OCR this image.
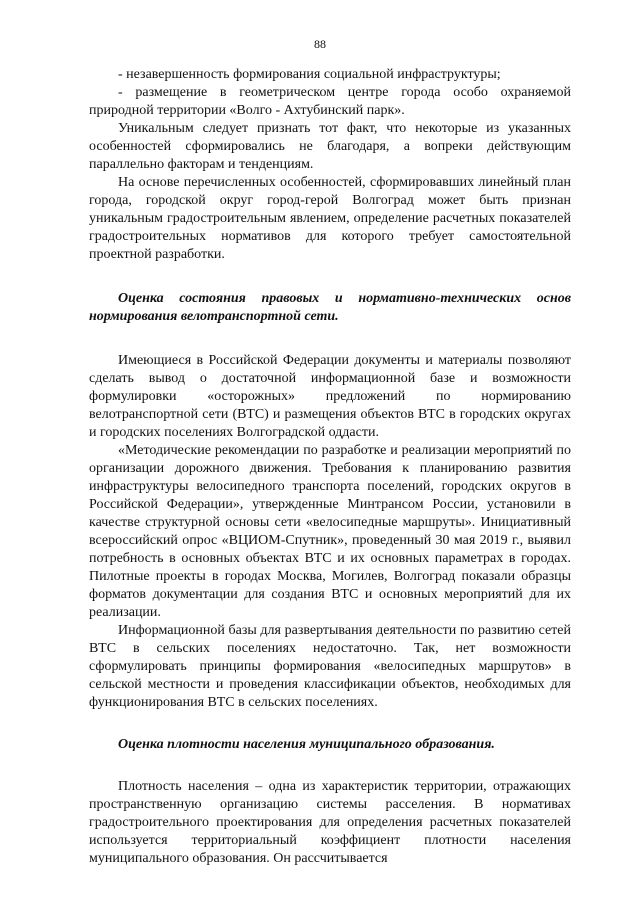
88

- незавершенность формирования социальной инфраструктуры;

- размещение в геометрическом центре города особо охраняемой природной территории «Волго - Ахтубинский парк».

Уникальным следует признать тот факт, что некоторые из указанных особенностей сформировались не благодаря, а вопреки действующим параллельно факторам и тенденциям.

На основе перечисленных особенностей, сформировавших линейный план города, городской округ город-герой Волгоград может быть признан уникальным градостроительным явлением, определение расчетных показателей градостроительных нормативов для которого требует самостоятельной проектной разработки.

Оценка состояния правовых и нормативно-технических основ нормирования велотранспортной сети.

Имеющиеся в Российской Федерации документы и материалы позволяют сделать вывод о достаточной информационной базе и возможности формулировки «осторожных» предложений по нормированию велотранспортной сети (ВТС) и размещения объектов ВТС в городских округах и городских поселениях Волгоградской оддасти.

«Методические рекомендации по разработке и реализации мероприятий по организации дорожного движения. Требования к планированию развития инфраструктуры велосипедного транспорта поселений, городских округов в Российской Федерации», утвержденные Минтрансом России, установили в качестве структурной основы сети «велосипедные маршруты». Инициативный всероссийский опрос «ВЦИОМ-Спутник», проведенный 30 мая 2019 г., выявил потребность в основных объектах ВТС и их основных параметрах в городах. Пилотные проекты в городах Москва, Могилев, Волгоград показали образцы форматов документации для создания ВТС и основных мероприятий для их реализации.

Информационной базы для развертывания деятельности по развитию сетей ВТС в сельских поселениях недостаточно. Так, нет возможности сформулировать принципы формирования «велосипедных маршрутов» в сельской местности и проведения классификации объектов, необходимых для функционирования ВТС в сельских поселениях.

Оценка плотности населения муниципального образования.

Плотность населения – одна из характеристик территории, отражающих пространственную организацию системы расселения. В нормативах градостроительного проектирования для определения расчетных показателей используется территориальный коэффициент плотности населения муниципального образования. Он рассчитывается
